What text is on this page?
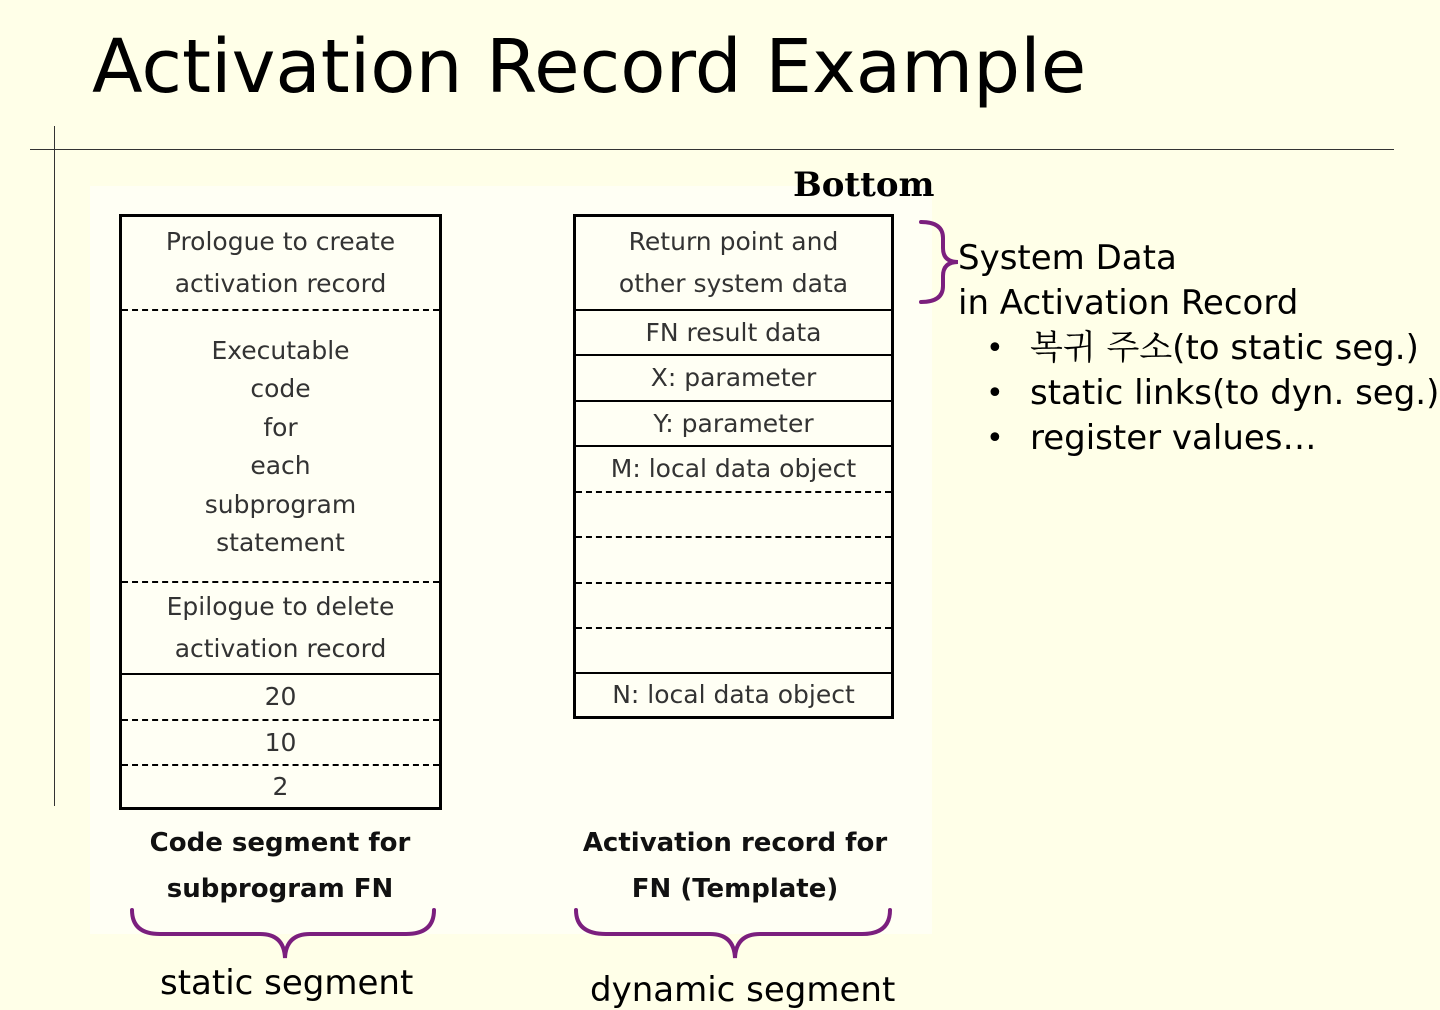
Activation Record Example
Bottom
Prologue to create
activation record
Executable
code
for
each
subprogram
statement
Epilogue to delete
activation record
20
10
2
Return point and
other system data
FN result data
X: parameter
Y: parameter
M: local data object
N: local data object
Code segment for
subprogram FN
Activation record for
FN (Template)
static segment	dynamic segment
System Data
in Activation Record
• 복귀 주소(to static seg.)
• static links(to dyn. seg.)
• register values…
